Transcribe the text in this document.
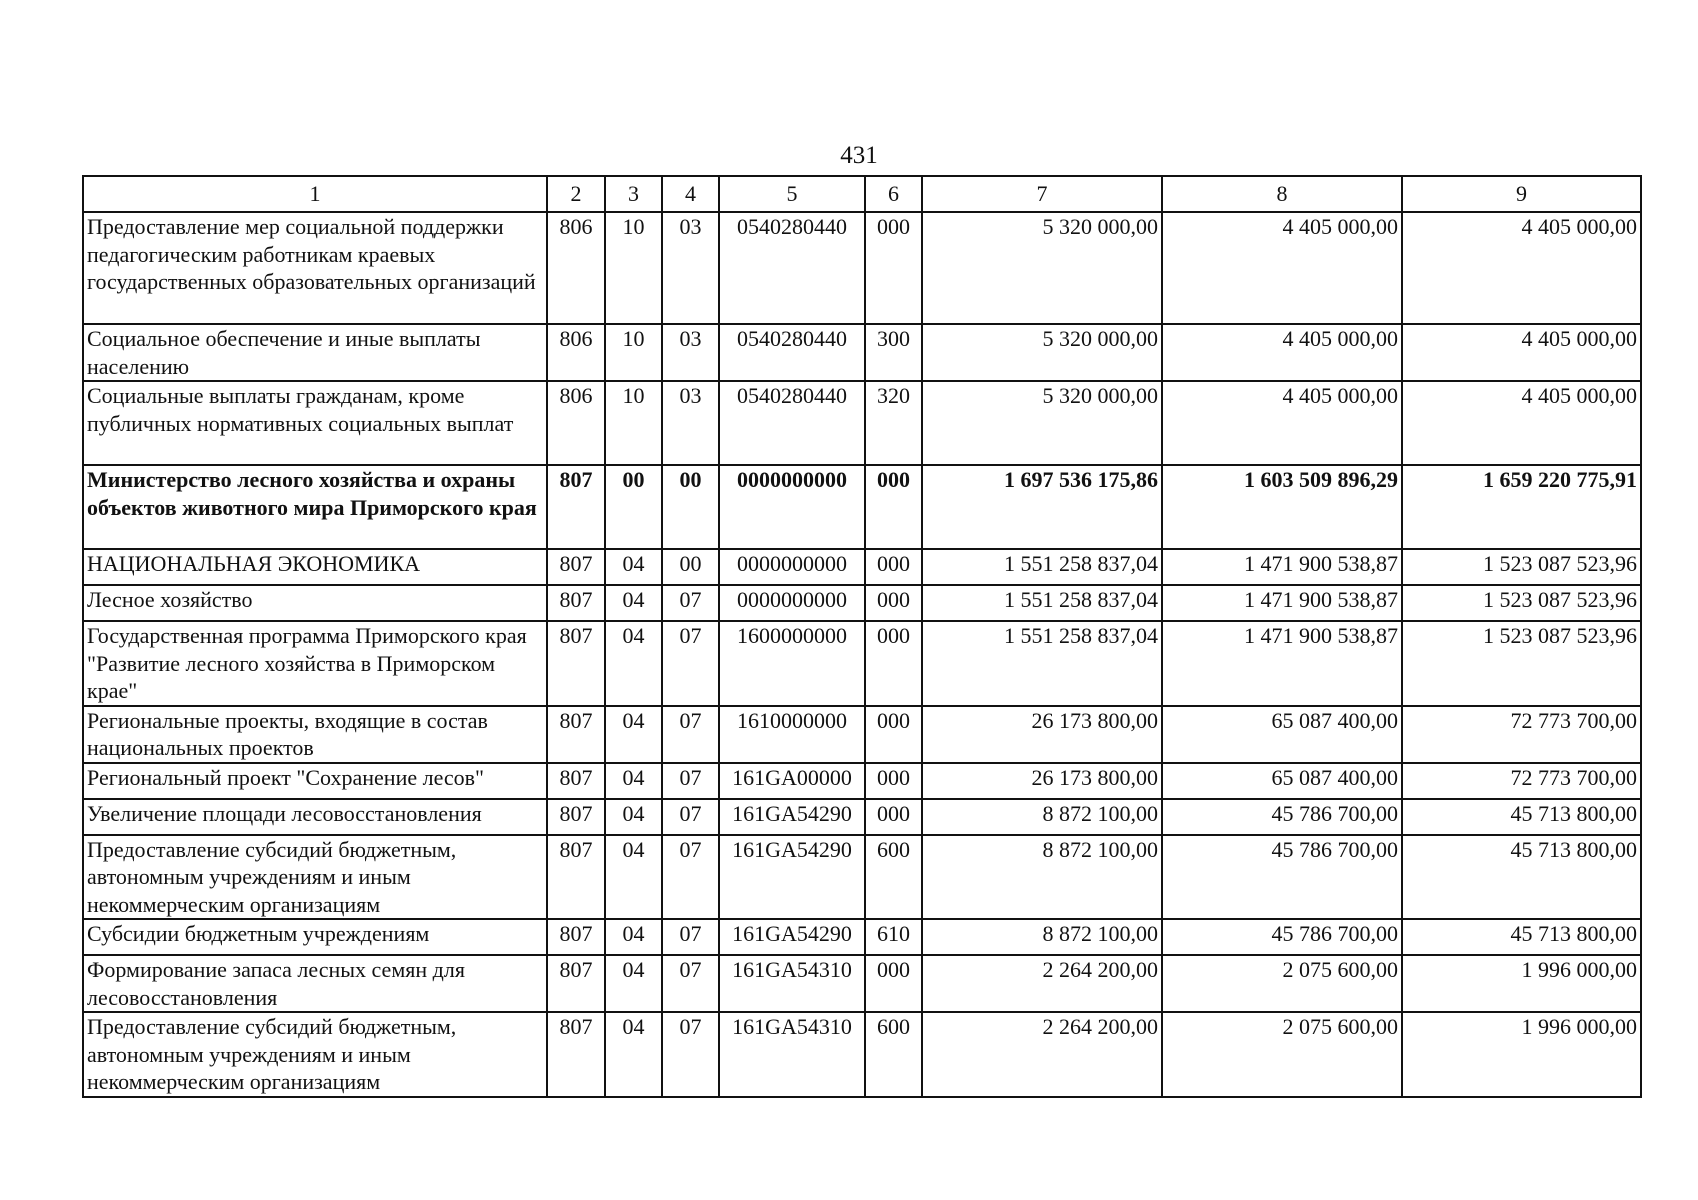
431
1	2	3	4	5	6	7	8	9
Предоставление мер социальной поддержки педагогическим работникам краевых государственных образовательных организаций	806	10	03	0540280440	000	5 320 000,00	4 405 000,00	4 405 000,00
Социальное обеспечение и иные выплаты населению	806	10	03	0540280440	300	5 320 000,00	4 405 000,00	4 405 000,00
Социальные выплаты гражданам, кроме публичных нормативных социальных выплат	806	10	03	0540280440	320	5 320 000,00	4 405 000,00	4 405 000,00
Министерство лесного хозяйства и охраны объектов животного мира Приморского края	807	00	00	0000000000	000	1 697 536 175,86	1 603 509 896,29	1 659 220 775,91
НАЦИОНАЛЬНАЯ ЭКОНОМИКА	807	04	00	0000000000	000	1 551 258 837,04	1 471 900 538,87	1 523 087 523,96
Лесное хозяйство	807	04	07	0000000000	000	1 551 258 837,04	1 471 900 538,87	1 523 087 523,96
Государственная программа Приморского края "Развитие лесного хозяйства в Приморском крае"	807	04	07	1600000000	000	1 551 258 837,04	1 471 900 538,87	1 523 087 523,96
Региональные проекты, входящие в состав национальных проектов	807	04	07	1610000000	000	26 173 800,00	65 087 400,00	72 773 700,00
Региональный проект "Сохранение лесов"	807	04	07	161GA00000	000	26 173 800,00	65 087 400,00	72 773 700,00
Увеличение площади лесовосстановления	807	04	07	161GA54290	000	8 872 100,00	45 786 700,00	45 713 800,00
Предоставление субсидий бюджетным, автономным учреждениям и иным некоммерческим организациям	807	04	07	161GA54290	600	8 872 100,00	45 786 700,00	45 713 800,00
Субсидии бюджетным учреждениям	807	04	07	161GA54290	610	8 872 100,00	45 786 700,00	45 713 800,00
Формирование запаса лесных семян для лесовосстановления	807	04	07	161GA54310	000	2 264 200,00	2 075 600,00	1 996 000,00
Предоставление субсидий бюджетным, автономным учреждениям и иным некоммерческим организациям	807	04	07	161GA54310	600	2 264 200,00	2 075 600,00	1 996 000,00
